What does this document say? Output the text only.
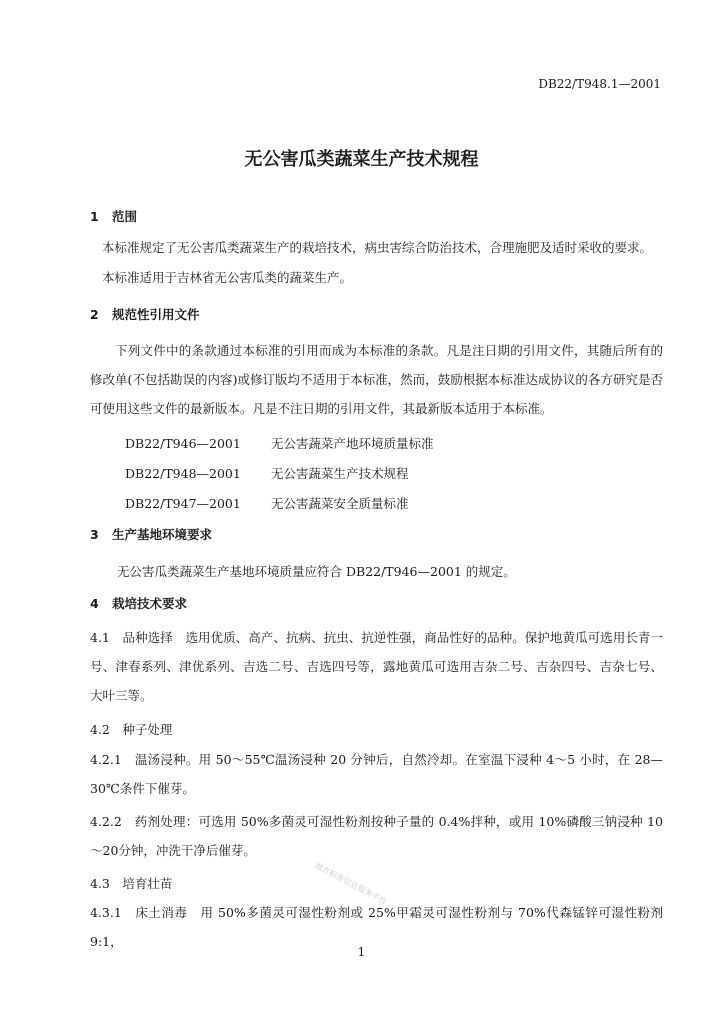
DB22/T948.1—2001
无公害瓜类蔬菜生产技术规程
1 范围
本标准规定了无公害瓜类蔬菜生产的栽培技术，病虫害综合防治技术，合理施肥及适时采收的要求。
本标准适用于吉林省无公害瓜类的蔬菜生产。
2 规范性引用文件
下列文件中的条款通过本标准的引用而成为本标准的条款。凡是注日期的引用文件，其随后所有的修改单(不包括勘误的内容)或修订版均不适用于本标准，然而，鼓励根据本标准达成协议的各方研究是否可使用这些文件的最新版本。凡是不注日期的引用文件，其最新版本适用于本标准。
DB22/T946—2001 无公害蔬菜产地环境质量标准
DB22/T948—2001 无公害蔬菜生产技术规程
DB22/T947—2001 无公害蔬菜安全质量标准
3 生产基地环境要求
无公害瓜类蔬菜生产基地环境质量应符合 DB22/T946—2001 的规定。
4 栽培技术要求
4.1　品种选择　选用优质、高产、抗病、抗虫、抗逆性强，商品性好的品种。保护地黄瓜可选用长青一号、津春系列、津优系列、吉选二号、吉选四号等，露地黄瓜可选用吉杂二号、吉杂四号、吉杂七号、大叶三等。
4.2　种子处理
4.2.1　温汤浸种。用 50～55℃温汤浸种 20 分钟后，自然冷却。在室温下浸种 4～5 小时，在 28—30℃条件下催芽。
4.2.2　药剂处理：可选用 50%多菌灵可湿性粉剂按种子量的 0.4%拌种，或用 10%磷酸三钠浸种 10～20分钟，冲洗干净后催芽。
4.3　培育壮苗
4.3.1　床土消毒　用 50%多菌灵可湿性粉剂或 25%甲霜灵可湿性粉剂与 70%代森锰锌可湿性粉剂 9:1，
地方标准信息服务平台
1
